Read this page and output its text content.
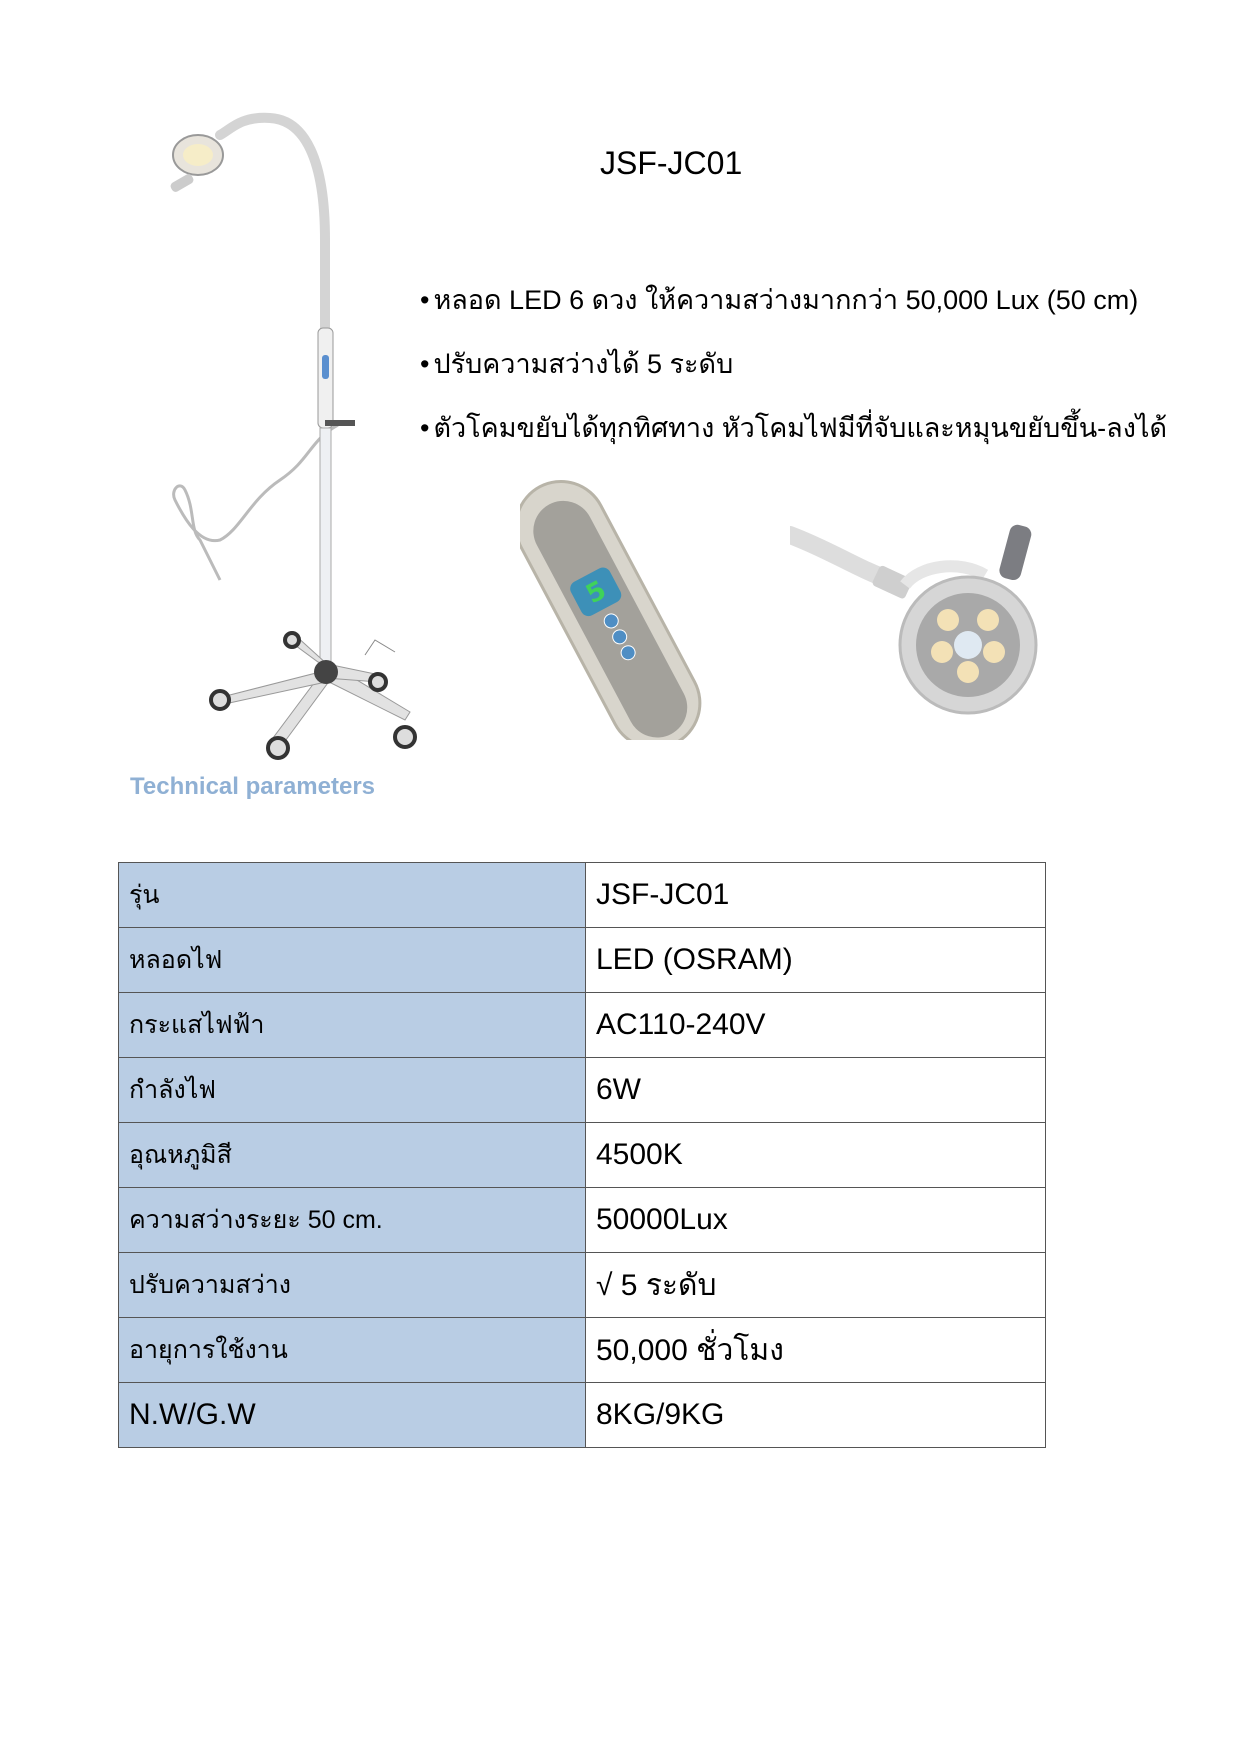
JSF-JC01
• หลอด LED 6 ดวง ให้ความสว่างมากกว่า 50,000 Lux (50 cm)
• ปรับความสว่างได้ 5 ระดับ
• ตัวโคมขยับได้ทุกทิศทาง หัวโคมไฟมีที่จับและหมุนขยับขึ้น-ลงได้
5
Technical parameters
รุ่น	JSF-JC01
หลอดไฟ	LED (OSRAM)
กระแสไฟฟ้า	AC110-240V
กำลังไฟ	6W
อุณหภูมิสี	4500K
ความสว่างระยะ 50 cm.	50000Lux
ปรับความสว่าง	√ 5 ระดับ
อายุการใช้งาน	50,000 ชั่วโมง
N.W/G.W	8KG/9KG
